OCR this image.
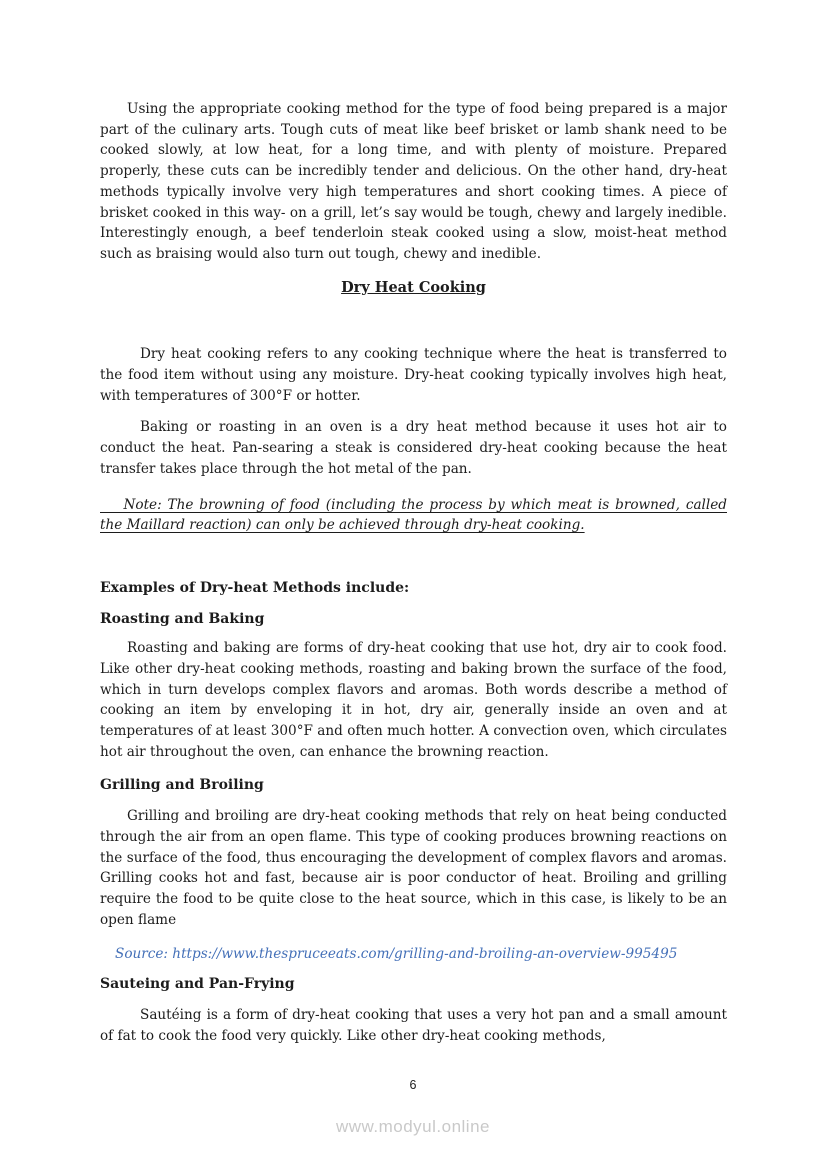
Using the appropriate cooking method for the type of food being prepared is a major part of the culinary arts. Tough cuts of meat like beef brisket or lamb shank need to be cooked slowly, at low heat, for a long time, and with plenty of moisture. Prepared properly, these cuts can be incredibly tender and delicious. On the other hand, dry-heat methods typically involve very high temperatures and short cooking times. A piece of brisket cooked in this way- on a grill, let’s say would be tough, chewy and largely inedible. Interestingly enough, a beef tenderloin steak cooked using a slow, moist-heat method such as braising would also turn out tough, chewy and inedible.

Dry Heat Cooking

Dry heat cooking refers to any cooking technique where the heat is transferred to the food item without using any moisture. Dry-heat cooking typically involves high heat, with temperatures of 300°F or hotter.

Baking or roasting in an oven is a dry heat method because it uses hot air to conduct the heat. Pan-searing a steak is considered dry-heat cooking because the heat transfer takes place through the hot metal of the pan.

Note: The browning of food (including the process by which meat is browned, called the Maillard reaction) can only be achieved through dry-heat cooking.

Examples of Dry-heat Methods include:
Roasting and Baking

Roasting and baking are forms of dry-heat cooking that use hot, dry air to cook food. Like other dry-heat cooking methods, roasting and baking brown the surface of the food, which in turn develops complex flavors and aromas. Both words describe a method of cooking an item by enveloping it in hot, dry air, generally inside an oven and at temperatures of at least 300°F and often much hotter. A convection oven, which circulates hot air throughout the oven, can enhance the browning reaction.

Grilling and Broiling

Grilling and broiling are dry-heat cooking methods that rely on heat being conducted through the air from an open flame. This type of cooking produces browning reactions on the surface of the food, thus encouraging the development of complex flavors and aromas. Grilling cooks hot and fast, because air is poor conductor of heat. Broiling and grilling require the food to be quite close to the heat source, which in this case, is likely to be an open flame

Source: https://www.thespruceeats.com/grilling-and-broiling-an-overview-995495

Sauteing and Pan-Frying

Sautéing is a form of dry-heat cooking that uses a very hot pan and a small amount of fat to cook the food very quickly. Like other dry-heat cooking methods,

6
www.modyul.online
